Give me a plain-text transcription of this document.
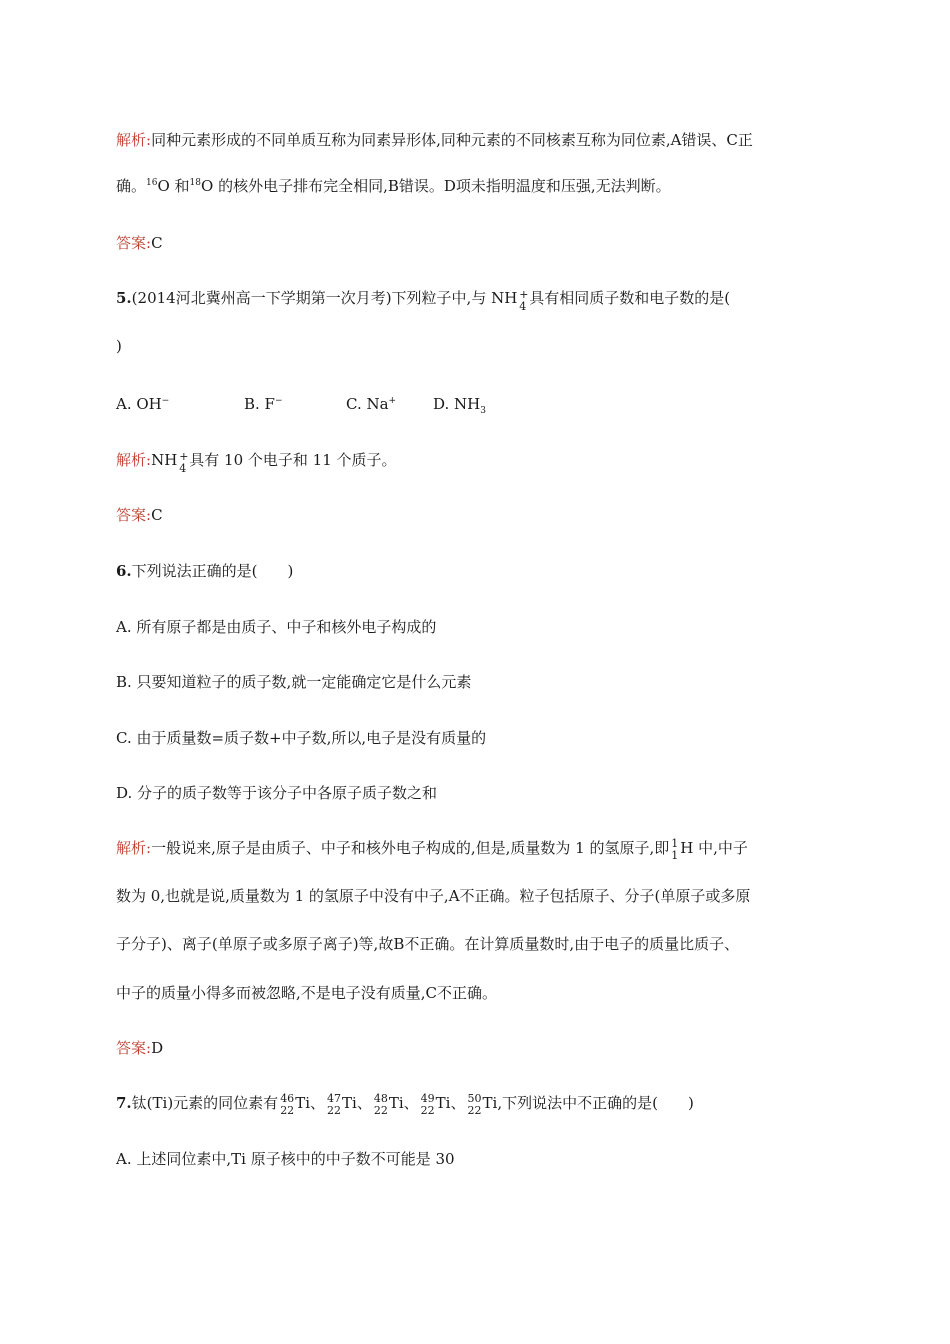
解析:同种元素形成的不同单质互称为同素异形体,同种元素的不同核素互称为同位素,A错误、C正
确。$^{16}$O 和$^{18}$O 的核外电子排布完全相同,B错误。D项未指明温度和压强,无法判断。
答案:C
5.(2014河北冀州高一下学期第一次月考)下列粒子中,与 NH +
4 具有相同质子数和电子数的是(
)
A. OH−	B. F−	C. Na+ D. $NH_3$
解析:NH +
4 具有 10 个电子和 11 个质子。
答案:C
6.下列说法正确的是(　　)
A. 所有原子都是由质子、中子和核外电子构成的
B. 只要知道粒子的质子数,就一定能确定它是什么元素
C. 由于质量数=质子数+中子数,所以,电子是没有质量的
D. 分子的质子数等于该分子中各原子质子数之和
解析:一般说来,原子是由质子、中子和核外电子构成的,但是,质量数为 1 的氢原子,即 1
1 H 中,中子
数为 0,也就是说,质量数为 1 的氢原子中没有中子,A不正确。粒子包括原子、分子(单原子或多原
子分子)、离子(单原子或多原子离子)等,故B不正确。在计算质量数时,由于电子的质量比质子、
中子的质量小得多而被忽略,不是电子没有质量,C不正确。
答案:D
7.钛(Ti)元素的同位素有 46
22 Ti、 47
22 Ti、 48
22 Ti、 49
22 Ti、 50
22 Ti,下列说法中不正确的是(　　)
A. 上述同位素中,Ti 原子核中的中子数不可能是 30
